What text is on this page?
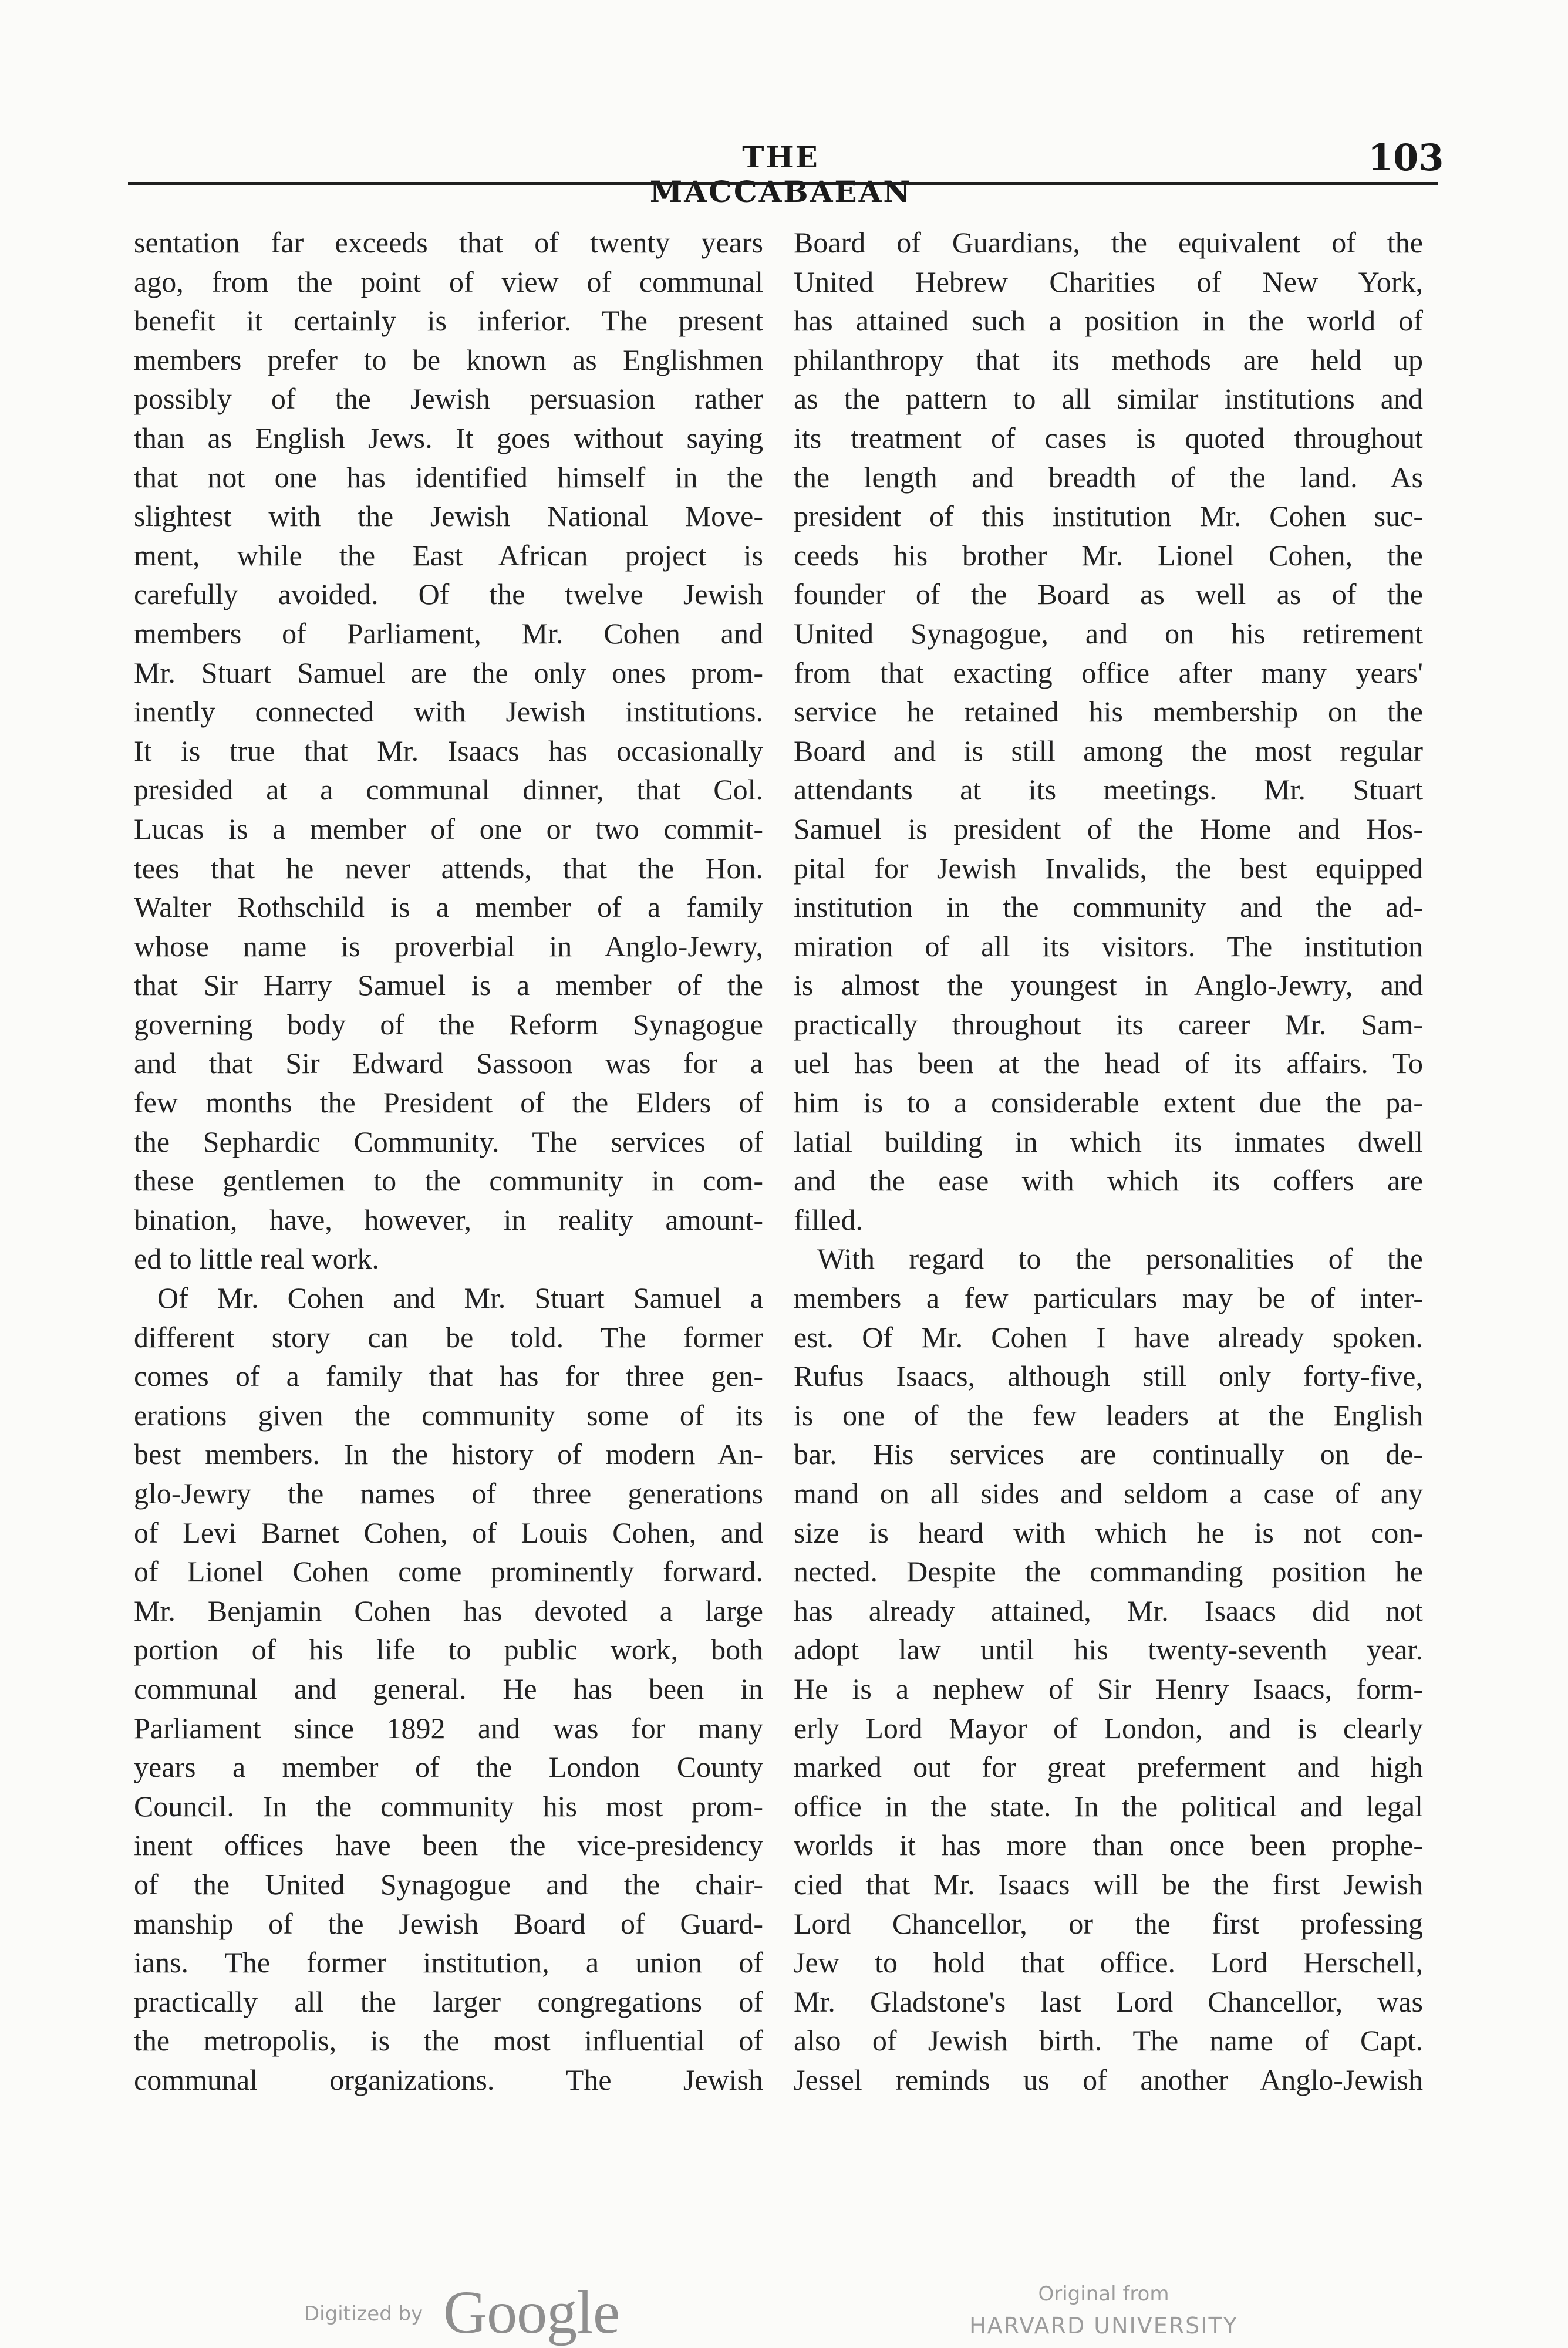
THE MACCABAEAN
103
sentation far exceeds that of twenty years
ago, from the point of view of communal
benefit it certainly is inferior. The present
members prefer to be known as Englishmen
possibly of the Jewish persuasion rather
than as English Jews. It goes without saying
that not one has identified himself in the
slightest with the Jewish National Move-
ment, while the East African project is
carefully avoided. Of the twelve Jewish
members of Parliament, Mr. Cohen and
Mr. Stuart Samuel are the only ones prom-
inently connected with Jewish institutions.
It is true that Mr. Isaacs has occasionally
presided at a communal dinner, that Col.
Lucas is a member of one or two commit-
tees that he never attends, that the Hon.
Walter Rothschild is a member of a family
whose name is proverbial in Anglo-Jewry,
that Sir Harry Samuel is a member of the
governing body of the Reform Synagogue
and that Sir Edward Sassoon was for a
few months the President of the Elders of
the Sephardic Community. The services of
these gentlemen to the community in com-
bination, have, however, in reality amount-
ed to little real work.
Of Mr. Cohen and Mr. Stuart Samuel a
different story can be told. The former
comes of a family that has for three gen-
erations given the community some of its
best members. In the history of modern An-
glo-Jewry the names of three generations
of Levi Barnet Cohen, of Louis Cohen, and
of Lionel Cohen come prominently forward.
Mr. Benjamin Cohen has devoted a large
portion of his life to public work, both
communal and general. He has been in
Parliament since 1892 and was for many
years a member of the London County
Council. In the community his most prom-
inent offices have been the vice-presidency
of the United Synagogue and the chair-
manship of the Jewish Board of Guard-
ians. The former institution, a union of
practically all the larger congregations of
the metropolis, is the most influential of
communal organizations. The Jewish
Board of Guardians, the equivalent of the
United Hebrew Charities of New York,
has attained such a position in the world of
philanthropy that its methods are held up
as the pattern to all similar institutions and
its treatment of cases is quoted throughout
the length and breadth of the land. As
president of this institution Mr. Cohen suc-
ceeds his brother Mr. Lionel Cohen, the
founder of the Board as well as of the
United Synagogue, and on his retirement
from that exacting office after many years'
service he retained his membership on the
Board and is still among the most regular
attendants at its meetings. Mr. Stuart
Samuel is president of the Home and Hos-
pital for Jewish Invalids, the best equipped
institution in the community and the ad-
miration of all its visitors. The institution
is almost the youngest in Anglo-Jewry, and
practically throughout its career Mr. Sam-
uel has been at the head of its affairs. To
him is to a considerable extent due the pa-
latial building in which its inmates dwell
and the ease with which its coffers are
filled.
With regard to the personalities of the
members a few particulars may be of inter-
est. Of Mr. Cohen I have already spoken.
Rufus Isaacs, although still only forty-five,
is one of the few leaders at the English
bar. His services are continually on de-
mand on all sides and seldom a case of any
size is heard with which he is not con-
nected. Despite the commanding position he
has already attained, Mr. Isaacs did not
adopt law until his twenty-seventh year.
He is a nephew of Sir Henry Isaacs, form-
erly Lord Mayor of London, and is clearly
marked out for great preferment and high
office in the state. In the political and legal
worlds it has more than once been prophe-
cied that Mr. Isaacs will be the first Jewish
Lord Chancellor, or the first professing
Jew to hold that office. Lord Herschell,
Mr. Gladstone's last Lord Chancellor, was
also of Jewish birth. The name of Capt.
Jessel reminds us of another Anglo-Jewish
Digitized by Google	Original from
HARVARD UNIVERSITY
